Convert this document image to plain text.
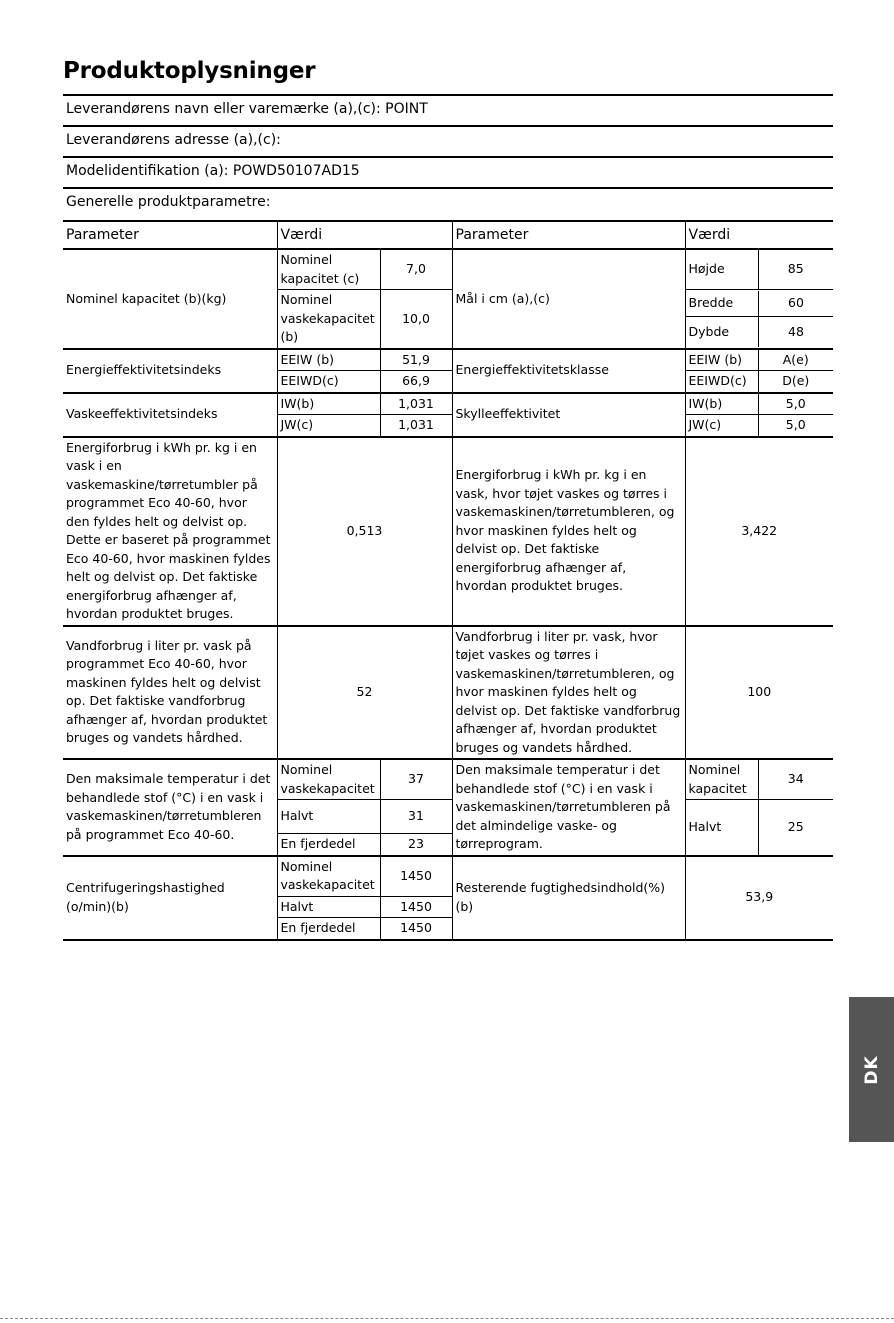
Produktoplysninger
Leverandørens navn eller varemærke (a),(c): POINT
Leverandørens adresse (a),(c):
Modelidentifikation (a): POWD50107AD15
Generelle produktparametre:
Parameter	Værdi	Parameter	Værdi
Nominel kapacitet (b)(kg)	Nominel kapacitet (c)	7,0	Mål i cm (a),(c)	Højde	85
Nominel vaskekapacitet (b)	10,0	
Bredde	60
Dybde	48

Energieffektivitetsindeks	EEIW (b)	51,9	Energieffektivitetsklasse	EEIW (b)	A(e)
EEIWD(c)	66,9	EEIWD(c)	D(e)
Vaskeeffektivitetsindeks	IW(b)	1,031	Skylleeffektivitet	IW(b)	5,0
JW(c)	1,031	JW(c)	5,0
Energiforbrug i kWh pr. kg i en vask i en vaskemaskine/tørretumbler på programmet Eco 40-60, hvor den fyldes helt og delvist op. Dette er baseret på programmet Eco 40-60, hvor maskinen fyldes helt og delvist op. Det faktiske energiforbrug afhænger af, hvordan produktet bruges.	0,513	Energiforbrug i kWh pr. kg i en vask, hvor tøjet vaskes og tørres i vaskemaskinen/tørretumbleren, og hvor maskinen fyldes helt og delvist op. Det faktiske energiforbrug afhænger af, hvordan produktet bruges.	3,422
Vandforbrug i liter pr. vask på programmet Eco 40-60, hvor maskinen fyldes helt og delvist op. Det faktiske vandforbrug afhænger af, hvordan produktet bruges og vandets hårdhed.	52	Vandforbrug i liter pr. vask, hvor tøjet vaskes og tørres i vaskemaskinen/tørretumbleren, og hvor maskinen fyldes helt og delvist op. Det faktiske vandforbrug afhænger af, hvordan produktet bruges og vandets hårdhed.	100
Den maksimale temperatur i det behandlede stof (°C) i en vask i vaskemaskinen/tørretumbleren på programmet Eco 40-60.	Nominel vaskekapacitet	37	Den maksimale temperatur i det behandlede stof (°C) i en vask i vaskemaskinen/tørretumbleren på det almindelige vaske- og tørreprogram.	Nominel kapacitet	34
Halvt	31	Halvt	25
En fjerdedel	23
Centrifugeringshastighed (o/min)(b)	Nominel vaskekapacitet	1450	Resterende fugtighedsindhold(%)(b)	53,9
Halvt	1450
En fjerdedel	1450
DK
